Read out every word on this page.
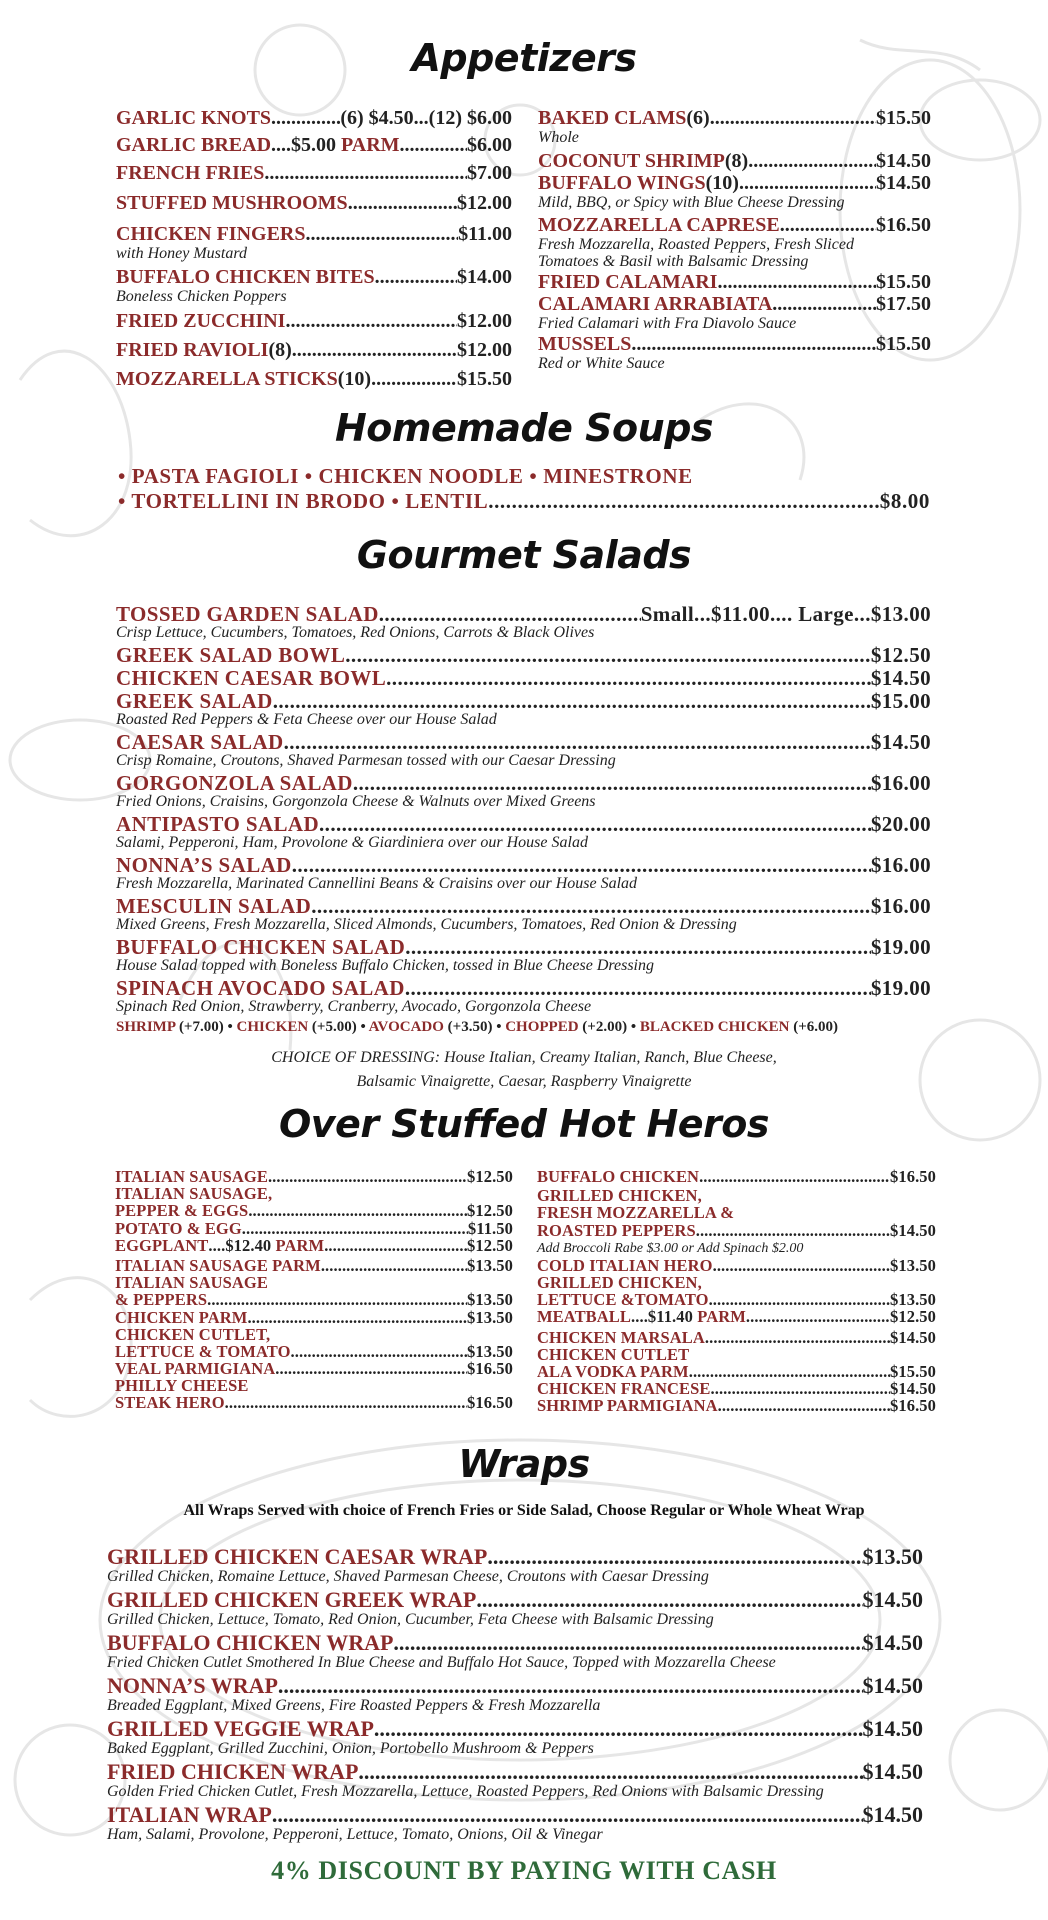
Appetizers
GARLIC KNOTS .....	(6) $4.50...(12) $6.00
GARLIC BREAD .... $5.00
PARM .....	$6.00
FRENCH FRIES .....	$7.00
STUFFED MUSHROOMS .....	$12.00
CHICKEN FINGERS .....	$11.00
with Honey Mustard
BUFFALO CHICKEN BITES .....	$14.00
Boneless Chicken Poppers
FRIED ZUCCHINI .....	$12.00
FRIED RAVIOLI (8) .....	$12.00
MOZZARELLA STICKS (10) .....	$15.50
BAKED CLAMS (6) .....	$15.50
Whole
COCONUT SHRIMP (8) .....	$14.50
BUFFALO WINGS (10) .....	$14.50
Mild, BBQ, or Spicy with Blue Cheese Dressing
MOZZARELLA CAPRESE .....	$16.50
Fresh Mozzarella, Roasted Peppers, Fresh Sliced
Tomatoes & Basil with Balsamic Dressing
FRIED CALAMARI .....	$15.50
CALAMARI ARRABIATA .....	$17.50
Fried Calamari with Fra Diavolo Sauce
MUSSELS .....	$15.50
Red or White Sauce
Homemade Soups
• PASTA FAGIOLI • CHICKEN NOODLE • MINESTRONE
• TORTELLINI IN BRODO • LENTIL .....	$8.00
Gourmet Salads
TOSSED GARDEN SALAD .....	Small...$11.00.... Large...$13.00
Crisp Lettuce, Cucumbers, Tomatoes, Red Onions, Carrots & Black Olives
GREEK SALAD BOWL .....	$12.50
CHICKEN CAESAR BOWL .....	$14.50
GREEK SALAD .....	$15.00
Roasted Red Peppers & Feta Cheese over our House Salad
CAESAR SALAD .....	$14.50
Crisp Romaine, Croutons, Shaved Parmesan tossed with our Caesar Dressing
GORGONZOLA SALAD .....	$16.00
Fried Onions, Craisins, Gorgonzola Cheese & Walnuts over Mixed Greens
ANTIPASTO SALAD .....	$20.00
Salami, Pepperoni, Ham, Provolone & Giardiniera over our House Salad
NONNA’S SALAD .....	$16.00
Fresh Mozzarella, Marinated Cannellini Beans & Craisins over our House Salad
MESCULIN SALAD .....	$16.00
Mixed Greens, Fresh Mozzarella, Sliced Almonds, Cucumbers, Tomatoes, Red Onion & Dressing
BUFFALO CHICKEN SALAD .....	$19.00
House Salad topped with Boneless Buffalo Chicken, tossed in Blue Cheese Dressing
SPINACH AVOCADO SALAD .....	$19.00
Spinach Red Onion, Strawberry, Cranberry, Avocado, Gorgonzola Cheese
SHRIMP (+7.00) • CHICKEN (+5.00) • AVOCADO (+3.50) • CHOPPED (+2.00) • BLACKED CHICKEN (+6.00)
CHOICE OF DRESSING: House Italian, Creamy Italian, Ranch, Blue Cheese,
Balsamic Vinaigrette, Caesar, Raspberry Vinaigrette
Over Stuffed Hot Heros
ITALIAN SAUSAGE .....	$12.50
ITALIAN SAUSAGE,
PEPPER & EGGS .....	$12.50
POTATO & EGG .....	$11.50
EGGPLANT .... $12.40
PARM .....	$12.50
ITALIAN SAUSAGE PARM .....	$13.50
ITALIAN SAUSAGE
& PEPPERS .....	$13.50
CHICKEN PARM .....	$13.50
CHICKEN CUTLET,
LETTUCE & TOMATO .....	$13.50
VEAL PARMIGIANA .....	$16.50
PHILLY CHEESE
STEAK HERO .....	$16.50
BUFFALO CHICKEN .....	$16.50
GRILLED CHICKEN,
FRESH MOZZARELLA &
ROASTED PEPPERS .....	$14.50
Add Broccoli Rabe $3.00 or Add Spinach $2.00
COLD ITALIAN HERO .....	$13.50
GRILLED CHICKEN,
LETTUCE &TOMATO .....	$13.50
MEATBALL .... $11.40
PARM .....	$12.50
CHICKEN MARSALA .....	$14.50
CHICKEN CUTLET
ALA VODKA PARM .....	$15.50
CHICKEN FRANCESE .....	$14.50
SHRIMP PARMIGIANA .....	$16.50
Wraps
All Wraps Served with choice of French Fries or Side Salad, Choose Regular or Whole Wheat Wrap
GRILLED CHICKEN CAESAR WRAP .....	$13.50
Grilled Chicken, Romaine Lettuce, Shaved Parmesan Cheese, Croutons with Caesar Dressing
GRILLED CHICKEN GREEK WRAP .....	$14.50
Grilled Chicken, Lettuce, Tomato, Red Onion, Cucumber, Feta Cheese with Balsamic Dressing
BUFFALO CHICKEN WRAP .....	$14.50
Fried Chicken Cutlet Smothered In Blue Cheese and Buffalo Hot Sauce, Topped with Mozzarella Cheese
NONNA’S WRAP .....	$14.50
Breaded Eggplant, Mixed Greens, Fire Roasted Peppers & Fresh Mozzarella
GRILLED VEGGIE WRAP .....	$14.50
Baked Eggplant, Grilled Zucchini, Onion, Portobello Mushroom & Peppers
FRIED CHICKEN WRAP .....	$14.50
Golden Fried Chicken Cutlet, Fresh Mozzarella, Lettuce, Roasted Peppers, Red Onions with Balsamic Dressing
ITALIAN WRAP .....	$14.50
Ham, Salami, Provolone, Pepperoni, Lettuce, Tomato, Onions, Oil & Vinegar
4% DISCOUNT BY PAYING WITH CASH
